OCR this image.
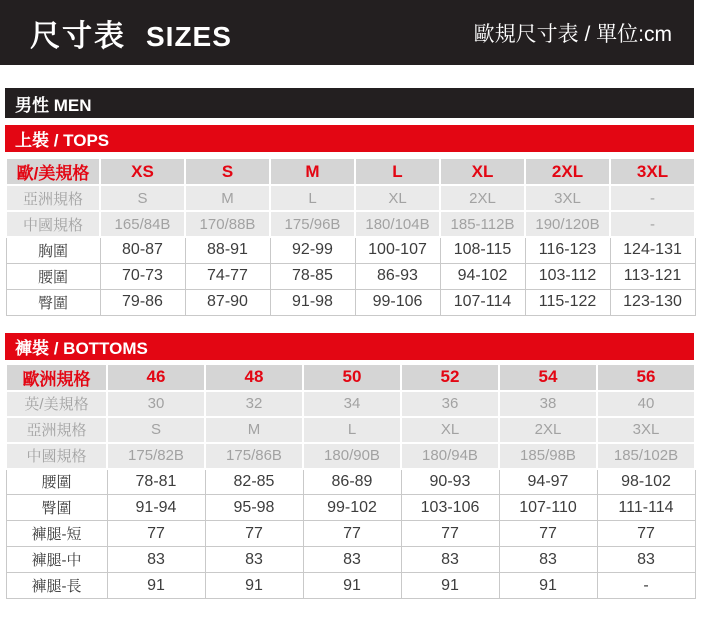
尺寸表 SIZES	歐規尺寸表 / 單位:cm
男性 MEN
上裝 / TOPS
歐/美規格	XS	S	M	L	XL	2XL	3XL
亞洲規格	S	M	L	XL	2XL	3XL	-
中國規格	165/84B	170/88B	175/96B	180/104B	185-112B	190/120B	-
胸圍	80-87	88-91	92-99	100-107	108-115	116-123	124-131
腰圍	70-73	74-77	78-85	86-93	94-102	103-112	113-121
臀圍	79-86	87-90	91-98	99-106	107-114	115-122	123-130
褲裝 / BOTTOMS
歐洲規格	46	48	50	52	54	56
英/美規格	30	32	34	36	38	40
亞洲規格	S	M	L	XL	2XL	3XL
中國規格	175/82B	175/86B	180/90B	180/94B	185/98B	185/102B
腰圍	78-81	82-85	86-89	90-93	94-97	98-102
臀圍	91-94	95-98	99-102	103-106	107-110	111-114
褲腿-短	77	77	77	77	77	77
褲腿-中	83	83	83	83	83	83
褲腿-長	91	91	91	91	91	-
